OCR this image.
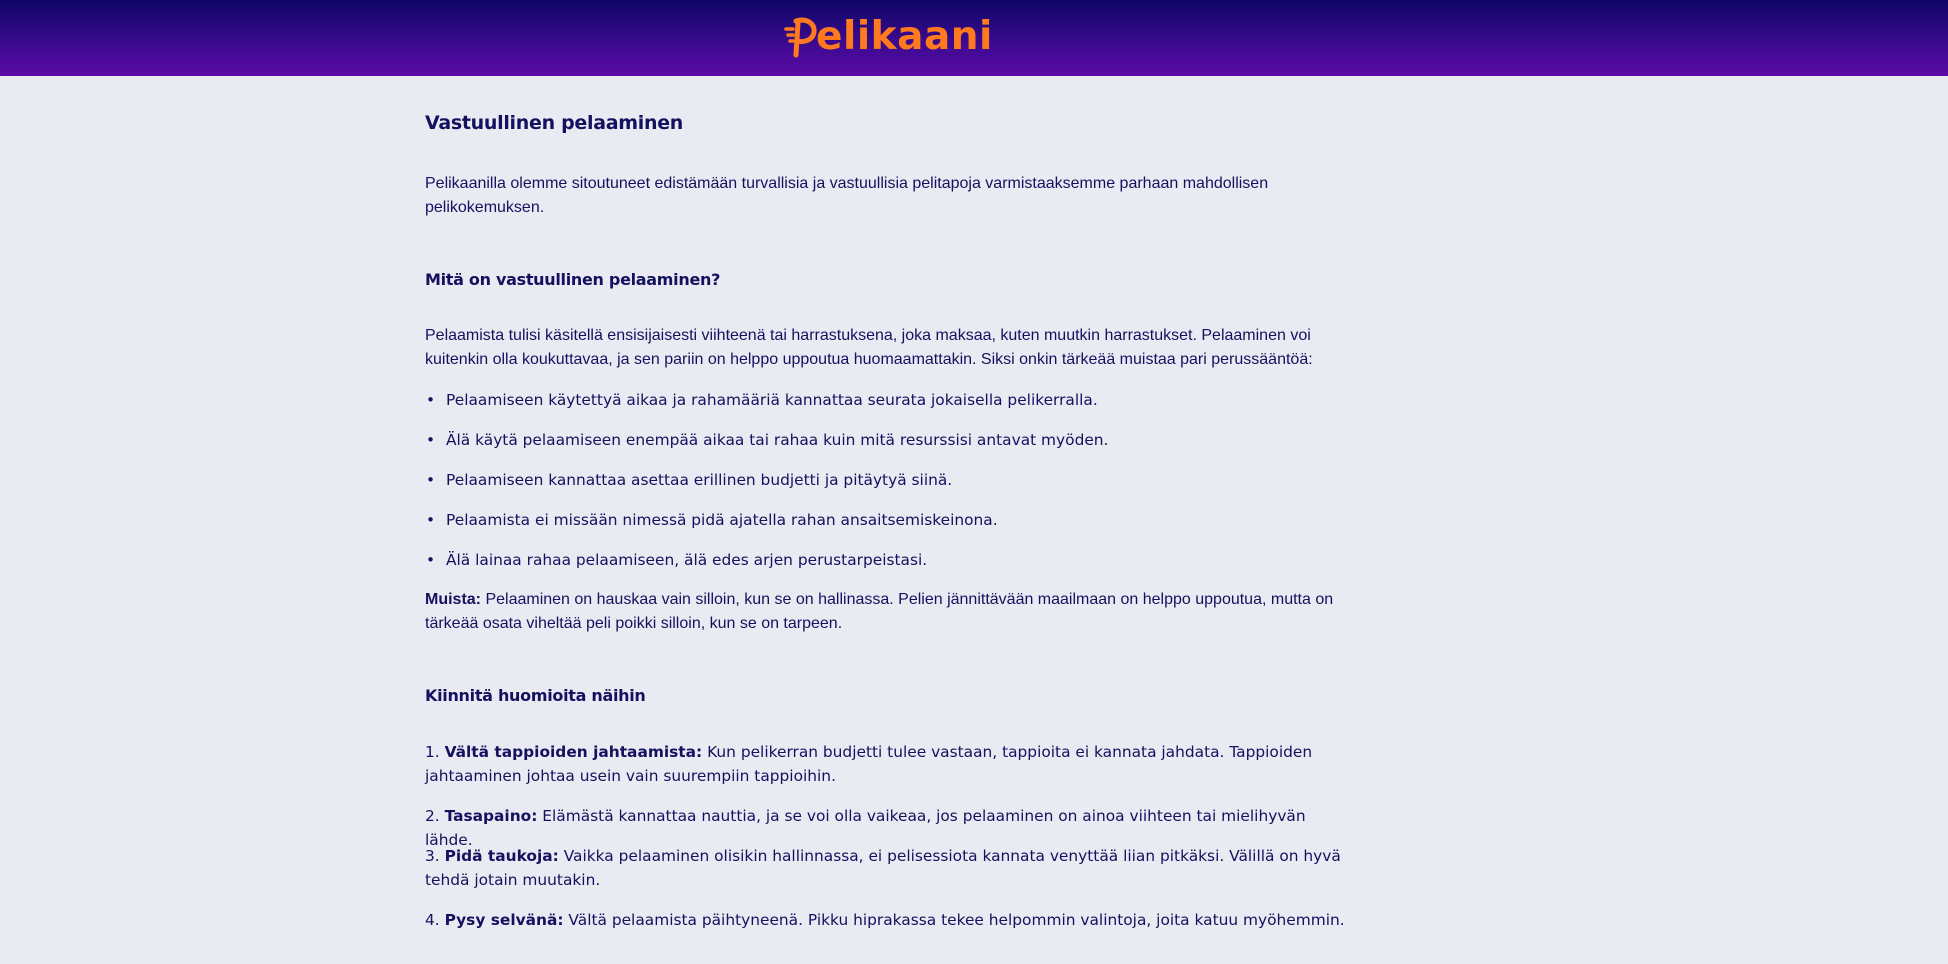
elikaani
Vastuullinen pelaaminen

Pelikaanilla olemme sitoutuneet edistämään turvallisia ja vastuullisia pelitapoja varmistaaksemme parhaan mahdollisen pelikokemuksen.

Mitä on vastuullinen pelaaminen?

Pelaamista tulisi käsitellä ensisijaisesti viihteenä tai harrastuksena, joka maksaa, kuten muutkin harrastukset. Pelaaminen voi kuitenkin olla koukuttavaa, ja sen pariin on helppo uppoutua huomaamattakin. Siksi onkin tärkeää muistaa pari perussääntöä:

• Pelaamiseen käytettyä aikaa ja rahamääriä kannattaa seurata jokaisella pelikerralla.
• Älä käytä pelaamiseen enempää aikaa tai rahaa kuin mitä resurssisi antavat myöden.
• Pelaamiseen kannattaa asettaa erillinen budjetti ja pitäytyä siinä.
• Pelaamista ei missään nimessä pidä ajatella rahan ansaitsemiskeinona.
• Älä lainaa rahaa pelaamiseen, älä edes arjen perustarpeistasi.

Muista: Pelaaminen on hauskaa vain silloin, kun se on hallinassa. Pelien jännittävään maailmaan on helppo uppoutua, mutta on tärkeää osata viheltää peli poikki silloin, kun se on tarpeen.

Kiinnitä huomioita näihin

1. Vältä tappioiden jahtaamista: Kun pelikerran budjetti tulee vastaan, tappioita ei kannata jahdata. Tappioiden jahtaaminen johtaa usein vain suurempiin tappioihin.

2. Tasapaino: Elämästä kannattaa nauttia, ja se voi olla vaikeaa, jos pelaaminen on ainoa viihteen tai mielihyvän lähde.

3. Pidä taukoja: Vaikka pelaaminen olisikin hallinnassa, ei pelisessiota kannata venyttää liian pitkäksi. Välillä on hyvä tehdä jotain muutakin.

4. Pysy selvänä: Vältä pelaamista päihtyneenä. Pikku hiprakassa tekee helpommin valintoja, joita katuu myöhemmin.
